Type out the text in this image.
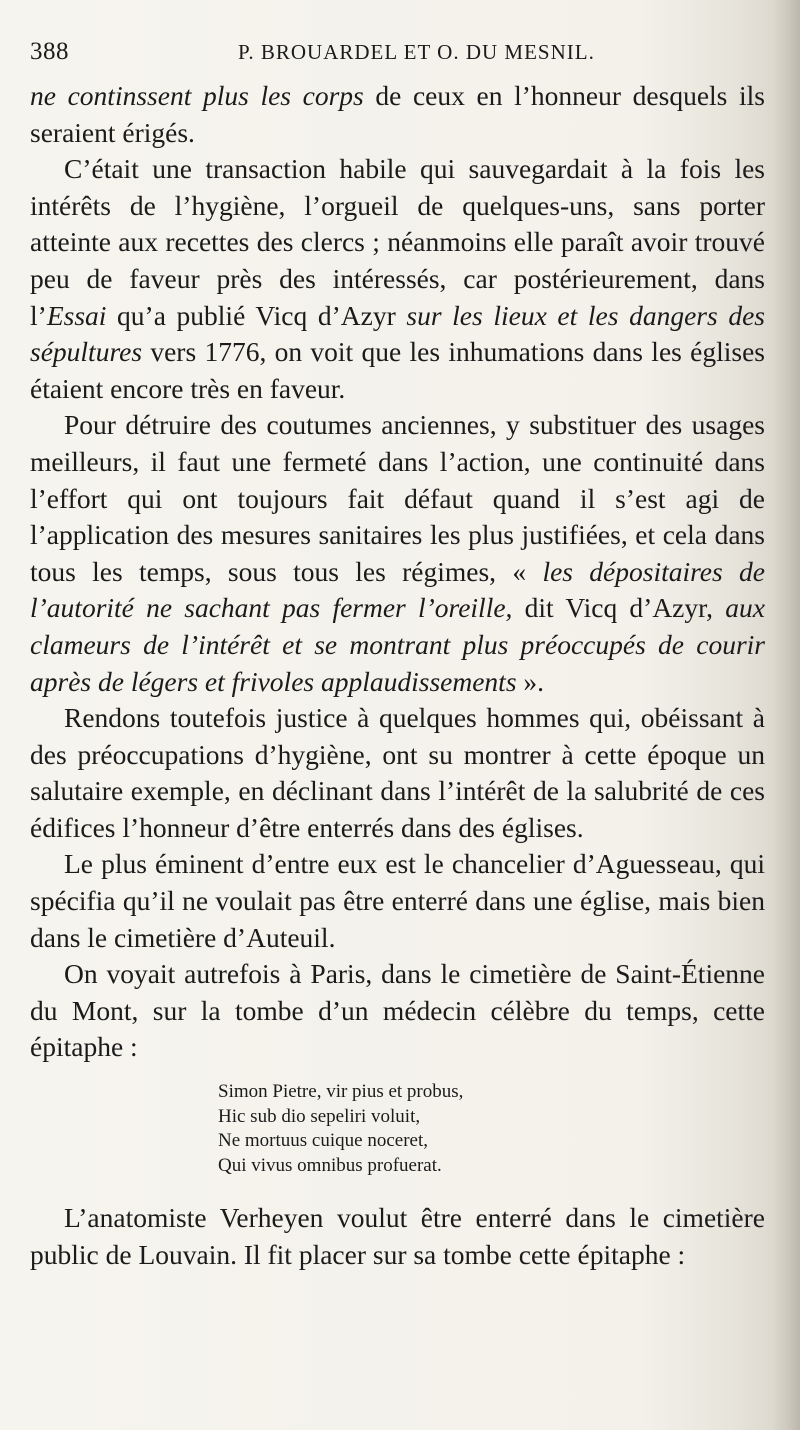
388	P. BROUARDEL ET O. DU MESNIL.

ne continssent plus les corps de ceux en l’honneur desquels ils seraient érigés.

C’était une transaction habile qui sauvegardait à la fois les intérêts de l’hygiène, l’orgueil de quelques-uns, sans porter atteinte aux recettes des clercs ; néanmoins elle paraît avoir trouvé peu de faveur près des intéressés, car postérieurement, dans l’Essai qu’a publié Vicq d’Azyr sur les lieux et les dangers des sépultures vers 1776, on voit que les inhumations dans les églises étaient encore très en faveur.

Pour détruire des coutumes anciennes, y substituer des usages meilleurs, il faut une fermeté dans l’action, une continuité dans l’effort qui ont toujours fait défaut quand il s’est agi de l’application des mesures sanitaires les plus justifiées, et cela dans tous les temps, sous tous les régimes, « les dépositaires de l’autorité ne sachant pas fermer l’oreille, dit Vicq d’Azyr, aux clameurs de l’intérêt et se montrant plus préoccupés de courir après de légers et frivoles applaudissements ».

Rendons toutefois justice à quelques hommes qui, obéissant à des préoccupations d’hygiène, ont su montrer à cette époque un salutaire exemple, en déclinant dans l’intérêt de la salubrité de ces édifices l’honneur d’être enterrés dans des églises.

Le plus éminent d’entre eux est le chancelier d’Aguesseau, qui spécifia qu’il ne voulait pas être enterré dans une église, mais bien dans le cimetière d’Auteuil.

On voyait autrefois à Paris, dans le cimetière de Saint-Étienne du Mont, sur la tombe d’un médecin célèbre du temps, cette épitaphe :

Simon Pietre, vir pius et probus,
Hic sub dio sepeliri voluit,
Ne mortuus cuique noceret,
Qui vivus omnibus profuerat.

L’anatomiste Verheyen voulut être enterré dans le cimetière public de Louvain. Il fit placer sur sa tombe cette épitaphe :
